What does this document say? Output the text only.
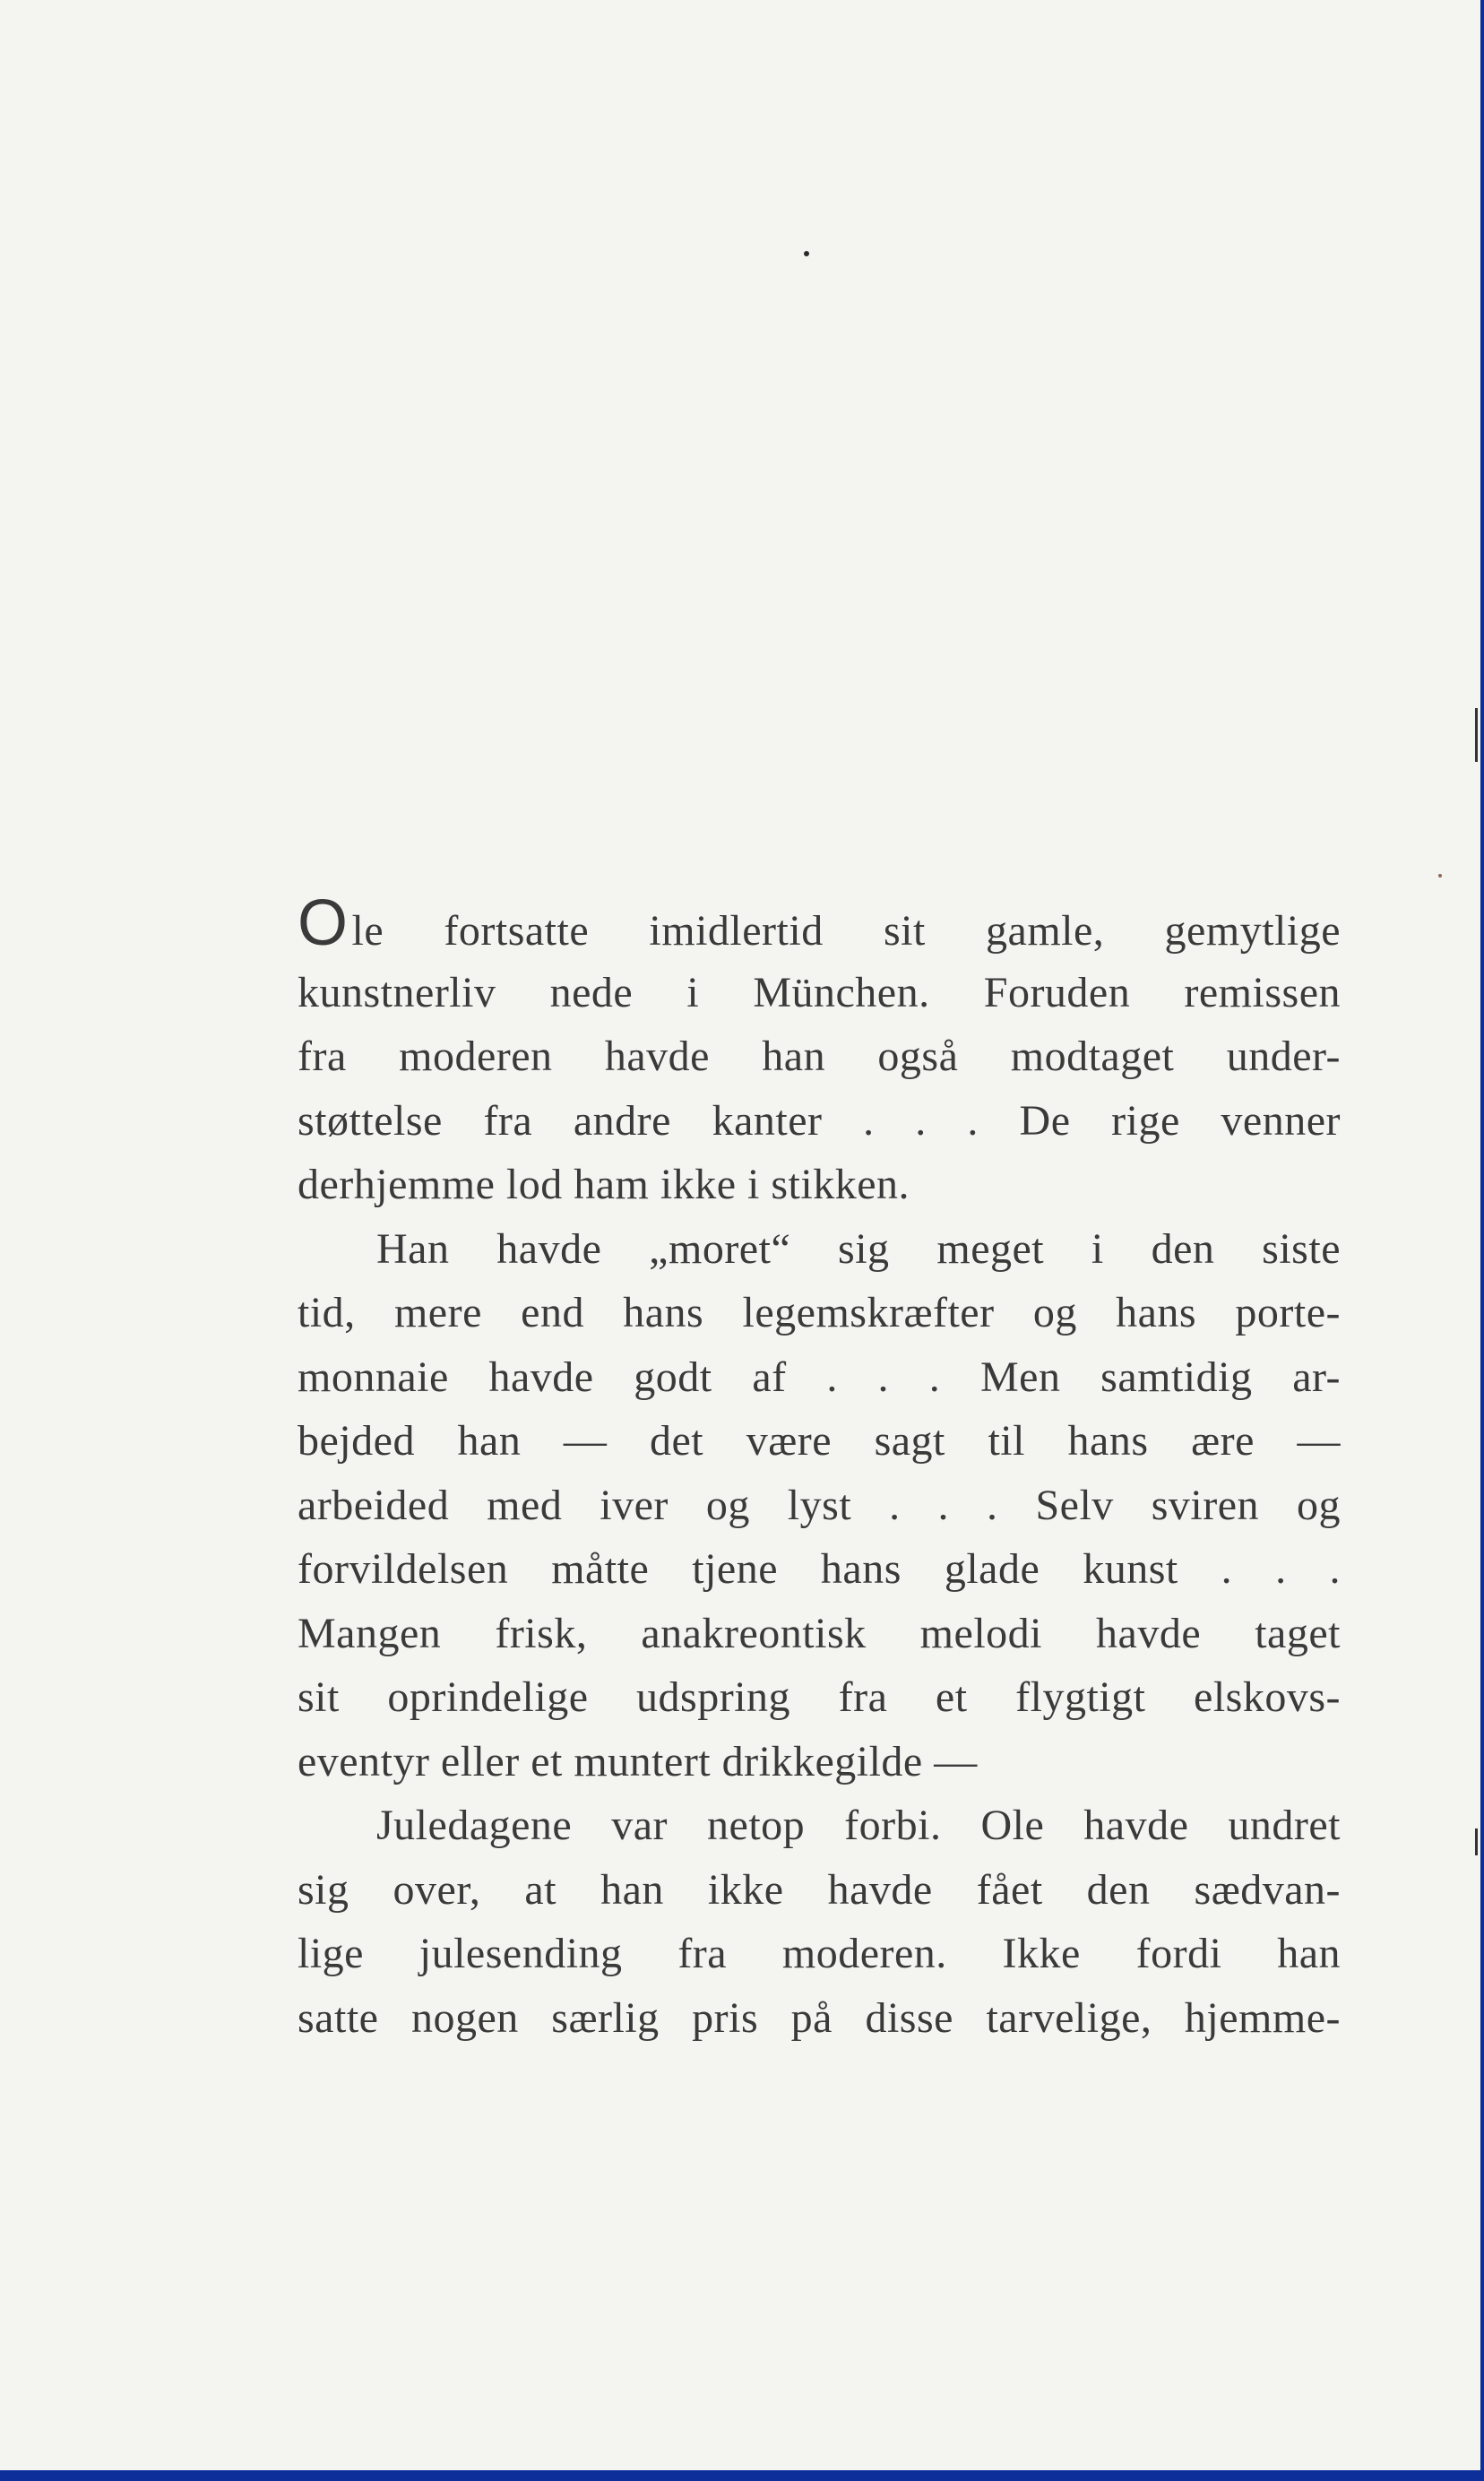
O le fortsatte imidlertid sit gamle, gemytlige
kunstnerliv nede i München. Foruden remissen
fra moderen havde han også modtaget under-
støttelse fra andre kanter . . . De rige venner
derhjemme lod ham ikke i stikken.
Han havde „moret“ sig meget i den siste
tid, mere end hans legemskræfter og hans porte-
monnaie havde godt af . . . Men samtidig ar-
bejded han — det være sagt til hans ære —
arbeided med iver og lyst . . . Selv sviren og
forvildelsen måtte tjene hans glade kunst . . .
Mangen frisk, anakreontisk melodi havde taget
sit oprindelige udspring fra et flygtigt elskovs-
eventyr eller et muntert drikkegilde —
Juledagene var netop forbi. Ole havde undret
sig over, at han ikke havde fået den sædvan-
lige julesending fra moderen. Ikke fordi han
satte nogen særlig pris på disse tarvelige, hjemme-
